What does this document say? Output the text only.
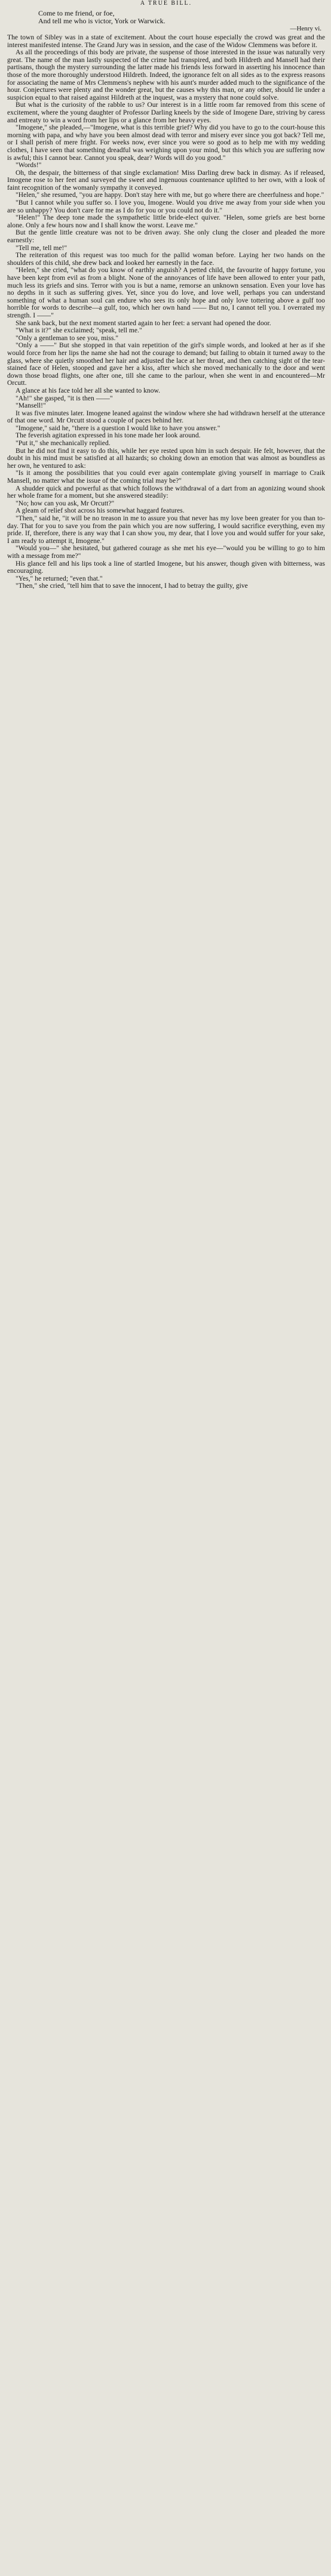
A TRUE BILL.

Come to me friend, or foe,

And tell me who is victor, York or Warwick.

—Henry vi.

The town of Sibley was in a state of excitement. About the court house especially the crowd was great and the interest manifested intense. The Grand Jury was in session, and the case of the Widow Clemmens was before it.

As all the proceedings of this body are private, the suspense of those interested in the issue was naturally very great. The name of the man lastly suspected of the crime had transpired, and both Hildreth and Mansell had their partisans, though the mystery surrounding the latter made his friends less forward in asserting his innocence than those of the more thoroughly understood Hildreth. Indeed, the ignorance felt on all sides as to the express reasons for associating the name of Mrs Clemmens's nephew with his aunt's murder added much to the significance of the hour. Conjectures were plenty and the wonder great, but the causes why this man, or any other, should lie under a suspicion equal to that raised against Hildreth at the inquest, was a mystery that none could solve.

But what is the curiosity of the rabble to us? Our interest is in a little room far removed from this scene of excitement, where the young daughter of Professor Darling kneels by the side of Imogene Dare, striving by caress and entreaty to win a word from her lips or a glance from her heavy eyes.

"Imogene," she pleaded,—"Imogene, what is this terrible grief? Why did you have to go to the court-house this morning with papa, and why have you been almost dead with terror and misery ever since you got back? Tell me, or I shall perish of mere fright. For weeks now, ever since you were so good as to help me with my wedding clothes, I have seen that something dreadful was weighing upon your mind, but this which you are suffering now is awful; this I cannot bear. Cannot you speak, dear? Words will do you good."

"Words!"

Oh, the despair, the bitterness of that single exclamation! Miss Darling drew back in dismay. As if released, Imogene rose to her feet and surveyed the sweet and ingenuous countenance uplifted to her own, with a look of faint recognition of the womanly sympathy it conveyed.

"Helen," she resumed, "you are happy. Don't stay here with me, but go where there are cheerfulness and hope."

"But I cannot while you suffer so. I love you, Imogene. Would you drive me away from your side when you are so unhappy? You don't care for me as I do for you or you could not do it."

"Helen!" The deep tone made the sympathetic little bride-elect quiver. "Helen, some griefs are best borne alone. Only a few hours now and I shall know the worst. Leave me."

But the gentle little creature was not to be driven away. She only clung the closer and pleaded the more earnestly:

"Tell me, tell me!"

The reiteration of this request was too much for the pallid woman before. Laying her two hands on the shoulders of this child, she drew back and looked her earnestly in the face.

"Helen," she cried, "what do you know of earthly anguish? A petted child, the favourite of happy fortune, you have been kept from evil as from a blight. None of the annoyances of life have been allowed to enter your path, much less its griefs and sins. Terror with you is but a name, remorse an unknown sensation. Even your love has no depths in it such as suffering gives. Yet, since you do love, and love well, perhaps you can understand something of what a human soul can endure who sees its only hope and only love tottering above a gulf too horrible for words to describe—a gulf, too, which her own hand —— But no, I cannot tell you. I overrated my strength. I ——"

She sank back, but the next moment started again to her feet: a servant had opened the door.

"What is it?" she exclaimed; "speak, tell me."

"Only a gentleman to see you, miss."

"Only a ——" But she stopped in that vain repetition of the girl's simple words, and looked at her as if she would force from her lips the name she had not the courage to demand; but failing to obtain it turned away to the glass, where she quietly smoothed her hair and adjusted the lace at her throat, and then catching sight of the tear-stained face of Helen, stooped and gave her a kiss, after which she moved mechanically to the door and went down those broad flights, one after one, till she came to the parlour, when she went in and encountered—Mr Orcutt.

A glance at his face told her all she wanted to know.

"Ah!" she gasped, "it is then ——"

"Mansell!"

It was five minutes later. Imogene leaned against the window where she had withdrawn herself at the utterance of that one word. Mr Orcutt stood a couple of paces behind her.

"Imogene," said he, "there is a question I would like to have you answer."

The feverish agitation expressed in his tone made her look around.

"Put it," she mechanically replied.

But he did not find it easy to do this, while her eye rested upon him in such despair. He felt, however, that the doubt in his mind must be satisfied at all hazards; so choking down an emotion that was almost as boundless as her own, he ventured to ask:

"Is it among the possibilities that you could ever again contemplate giving yourself in marriage to Craik Mansell, no matter what the issue of the coming trial may be?"

A shudder quick and powerful as that which follows the withdrawal of a dart from an agonizing wound shook her whole frame for a moment, but she answered steadily:

"No; how can you ask, Mr Orcutt?"

A gleam of relief shot across his somewhat haggard features.

"Then," said he, "it will be no treason in me to assure you that never has my love been greater for you than to-day. That for you to save you from the pain which you are now suffering, I would sacrifice everything, even my pride. If, therefore, there is any way that I can show you, my dear, that I love you and would suffer for your sake, I am ready to attempt it, Imogene."

"Would you—" she hesitated, but gathered courage as she met his eye—"would you be willing to go to him with a message from me?"

His glance fell and his lips took a line of startled Imogene, but his answer, though given with bitterness, was encouraging.

"Yes," he returned; "even that."

"Then," she cried, "tell him that to save the innocent, I had to betray the guilty, give
